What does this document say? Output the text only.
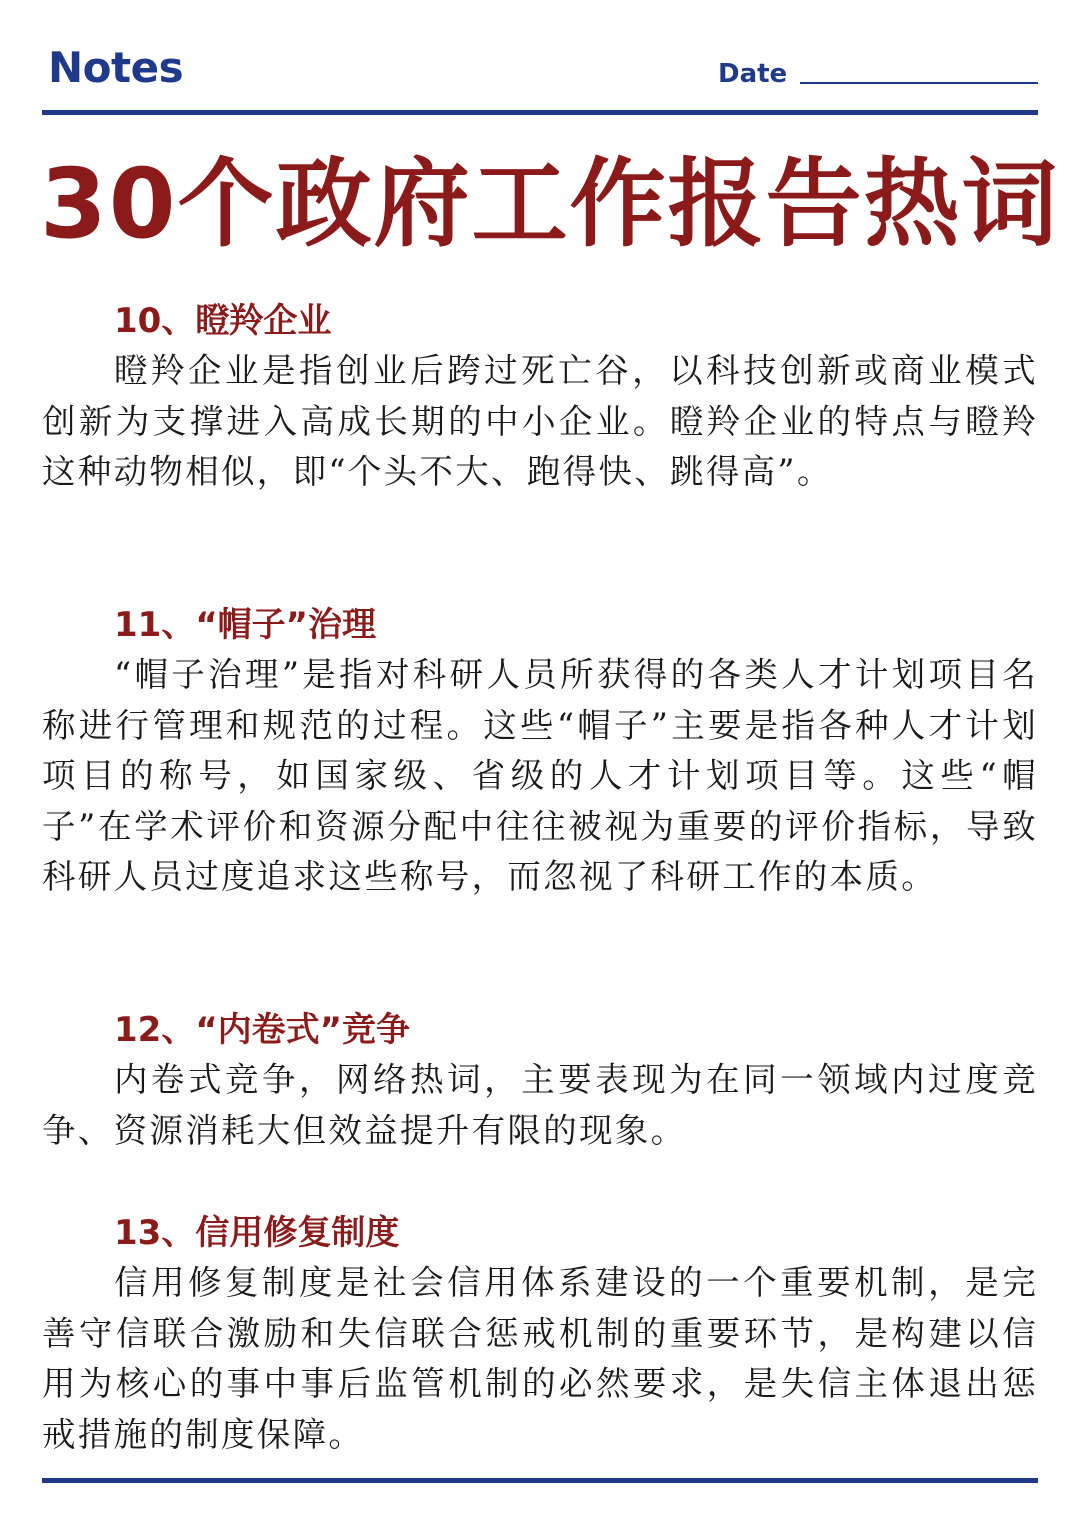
Notes	Date
30个政府工作报告热词
10、瞪羚企业
瞪羚企业是指创业后跨过死亡谷，以科技创新或商业模式创新为支撑进入高成长期的中小企业。瞪羚企业的特点与瞪羚这种动物相似，即“个头不大、跑得快、跳得高”。
11、“帽子”治理
“帽子治理”是指对科研人员所获得的各类人才计划项目名称进行管理和规范的过程。这些“帽子”主要是指各种人才计划项目的称号，如国家级、省级的人才计划项目等。这些“帽子”在学术评价和资源分配中往往被视为重要的评价指标，导致科研人员过度追求这些称号，而忽视了科研工作的本质。
12、“内卷式”竞争
内卷式竞争，网络热词，主要表现为在同一领域内过度竞争、资源消耗大但效益提升有限的现象。
13、信用修复制度
信用修复制度是社会信用体系建设的一个重要机制，是完善守信联合激励和失信联合惩戒机制的重要环节，是构建以信用为核心的事中事后监管机制的必然要求，是失信主体退出惩戒措施的制度保障。
